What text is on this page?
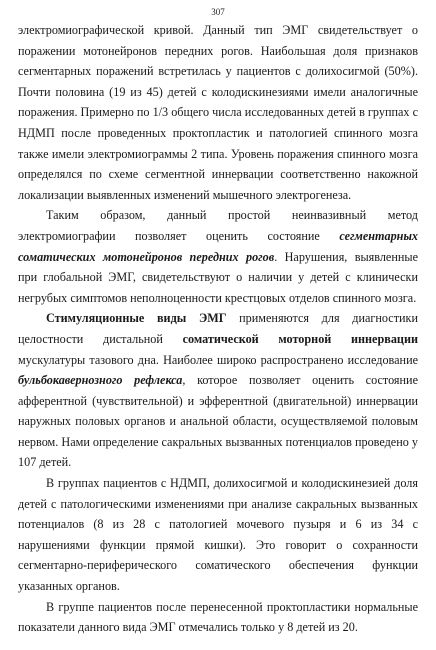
307

электромиографической кривой. Данный тип ЭМГ свидетельствует о поражении мотонейронов передних рогов. Наибольшая доля признаков сегментарных поражений встретилась у пациентов с долихосигмой (50%). Почти половина (19 из 45) детей с колодискинезиями имели аналогичные поражения. Примерно по 1/3 общего числа исследованных детей в группах с НДМП после проведенных проктопластик и патологией спинного мозга также имели электромиограммы 2 типа. Уровень поражения спинного мозга определялся по схеме сегментной иннервации соответственно накожной локализации выявленных изменений мышечного электрогенеза.

Таким образом, данный простой неинвазивный метод электромиографии позволяет оценить состояние сегментарных соматических мотонейронов передних рогов. Нарушения, выявленные при глобальной ЭМГ, свидетельствуют о наличии у детей с клинически негрубых симптомов неполноценности крестцовых отделов спинного мозга.

Стимуляционные виды ЭМГ применяются для диагностики целостности дистальной соматической моторной иннервации мускулатуры тазового дна. Наиболее широко распространено исследование бульбокавернозного рефлекса, которое позволяет оценить состояние афферентной (чувствительной) и эфферентной (двигательной) иннервации наружных половых органов и анальной области, осуществляемой половым нервом. Нами определение сакральных вызванных потенциалов проведено у 107 детей.

В группах пациентов с НДМП, долихосигмой и колодискинезией доля детей с патологическими изменениями при анализе сакральных вызванных потенциалов (8 из 28 с патологией мочевого пузыря и 6 из 34 с нарушениями функции прямой кишки). Это говорит о сохранности сегментарно-периферического соматического обеспечения функции указанных органов.

В группе пациентов после перенесенной проктопластики нормальные показатели данного вида ЭМГ отмечались только у 8 детей из 20.
